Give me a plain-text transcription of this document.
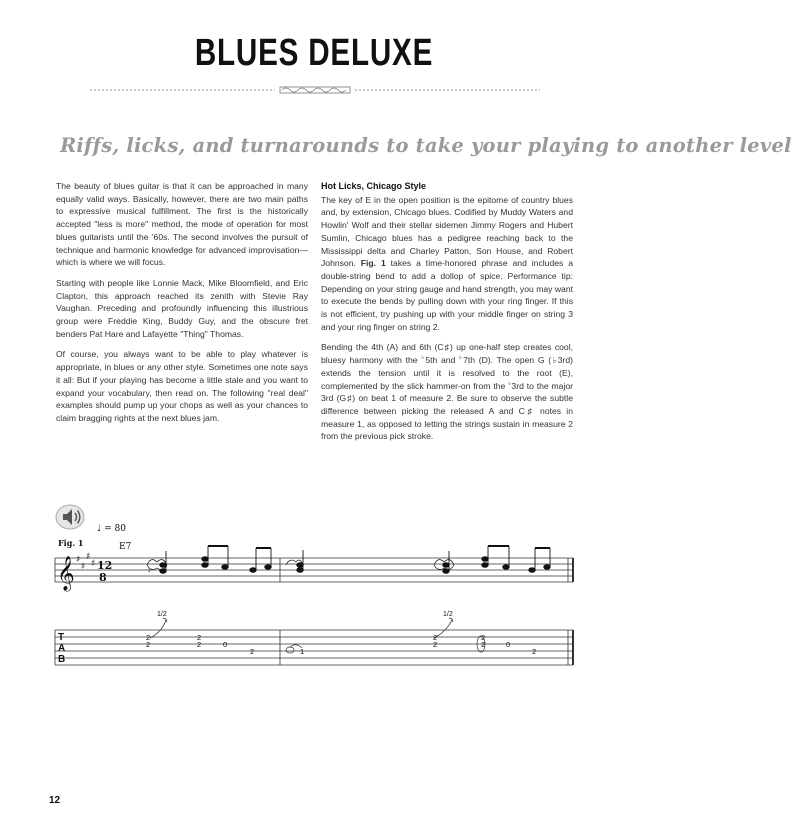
BLUES DELUXE
Riffs, licks, and turnarounds to take your playing to another level

The beauty of blues guitar is that it can be approached in many equally valid ways. Basically, however, there are two main paths to expressive musical fulfillment. The first is the historically accepted "less is more" method, the mode of operation for most blues guitarists until the '60s. The second involves the pursuit of technique and harmonic knowledge for advanced improvisation—which is where we will focus.

Starting with people like Lonnie Mack, Mike Bloomfield, and Eric Clapton, this approach reached its zenith with Stevie Ray Vaughan. Preceding and profoundly influencing this illustrious group were Freddie King, Buddy Guy, and the obscure fret benders Pat Hare and Lafayette "Thing" Thomas.

Of course, you always want to be able to play whatever is appropriate, in blues or any other style. Sometimes one note says it all: But if your playing has become a little stale and you want to expand your vocabulary, then read on. The following "real deal" examples should pump up your chops as well as your chances to claim bragging rights at the next blues jam.

Hot Licks, Chicago Style

The key of E in the open position is the epitome of country blues and, by extension, Chicago blues. Codified by Muddy Waters and Howlin' Wolf and their stellar sidemen Jimmy Rogers and Hubert Sumlin, Chicago blues has a pedigree reaching back to the Mississippi delta and Charley Patton, Son House, and Robert Johnson. Fig. 1 takes a time-honored phrase and includes a double-string bend to add a dollop of spice. Performance tip: Depending on your string gauge and hand strength, you may want to execute the bends by pulling down with your ring finger. If this is not efficient, try pushing up with your middle finger on string 3 and your ring finger on string 2.

Bending the 4th (A) and 6th (C♯) up one-half step creates cool, bluesy harmony with the ♭5th and ♭7th (D). The open G (♭3rd) extends the tension until it is resolved to the root (E), complemented by the slick hammer-on from the ♭3rd to the major 3rd (G♯) on beat 1 of measure 2. Be sure to observe the subtle difference between picking the released A and C♯ notes in measure 1, as opposed to letting the strings sustain in measure 2 from the previous pick stroke.

♩ = 80
Fig. 1	E7
𝄞 ♯
♯
♯
♯ 12
8	♮
T
A
B
1/2	1/2
2
2
2
2	0
2	1
2
2
2
2	0
2
12
